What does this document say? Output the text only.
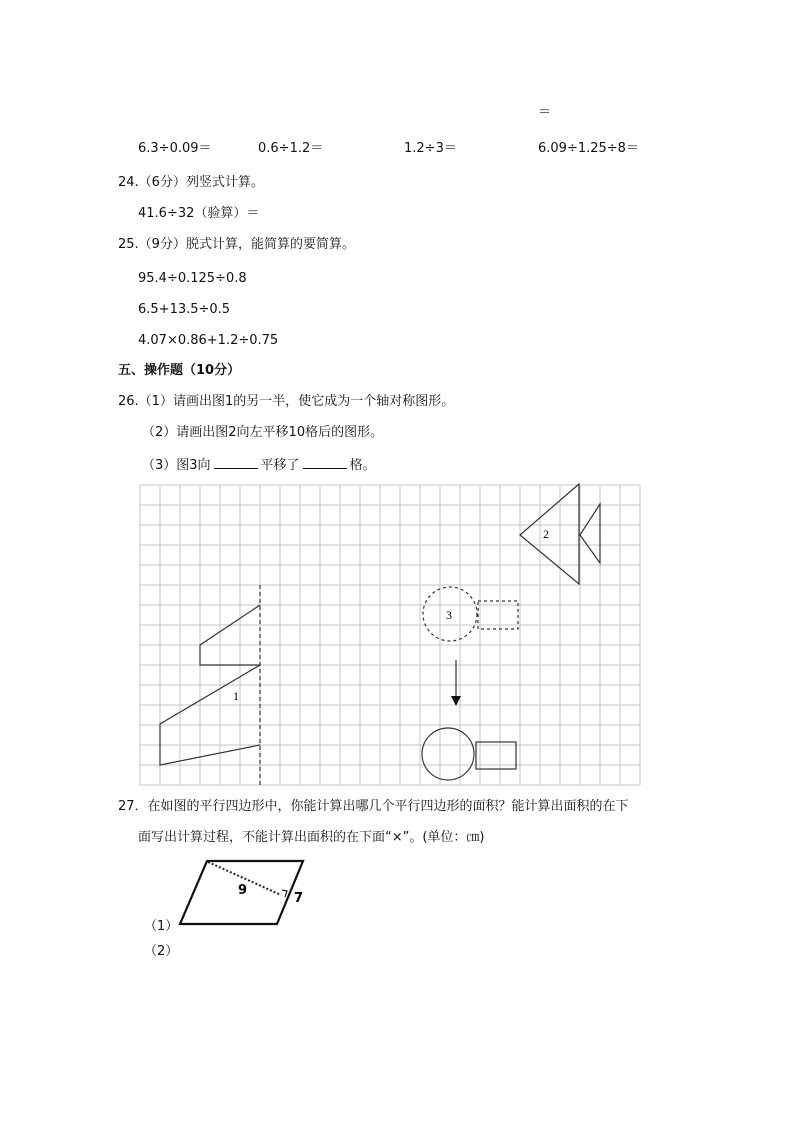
＝
6.3÷0.09＝	0.6÷1.2＝	1.2÷3＝	6.09÷1.25÷8＝
24.（6分）列竖式计算。
41.6÷32（验算）＝
25.（9分）脱式计算，能简算的要简算。
95.4÷0.125÷0.8
6.5+13.5÷0.5
4.07×0.86+1.2÷0.75
五、操作题（10分）
26.（1）请画出图1的另一半，使它成为一个轴对称图形。
（2）请画出图2向左平移10格后的图形。
（3）图3向	平移了	格。
1
2
3
9
7
27．在如图的平行四边形中，你能计算出哪几个平行四边形的面积？能计算出面积的在下
面写出计算过程，不能计算出面积的在下面“×”。(单位：㎝)
（1）
（2）
